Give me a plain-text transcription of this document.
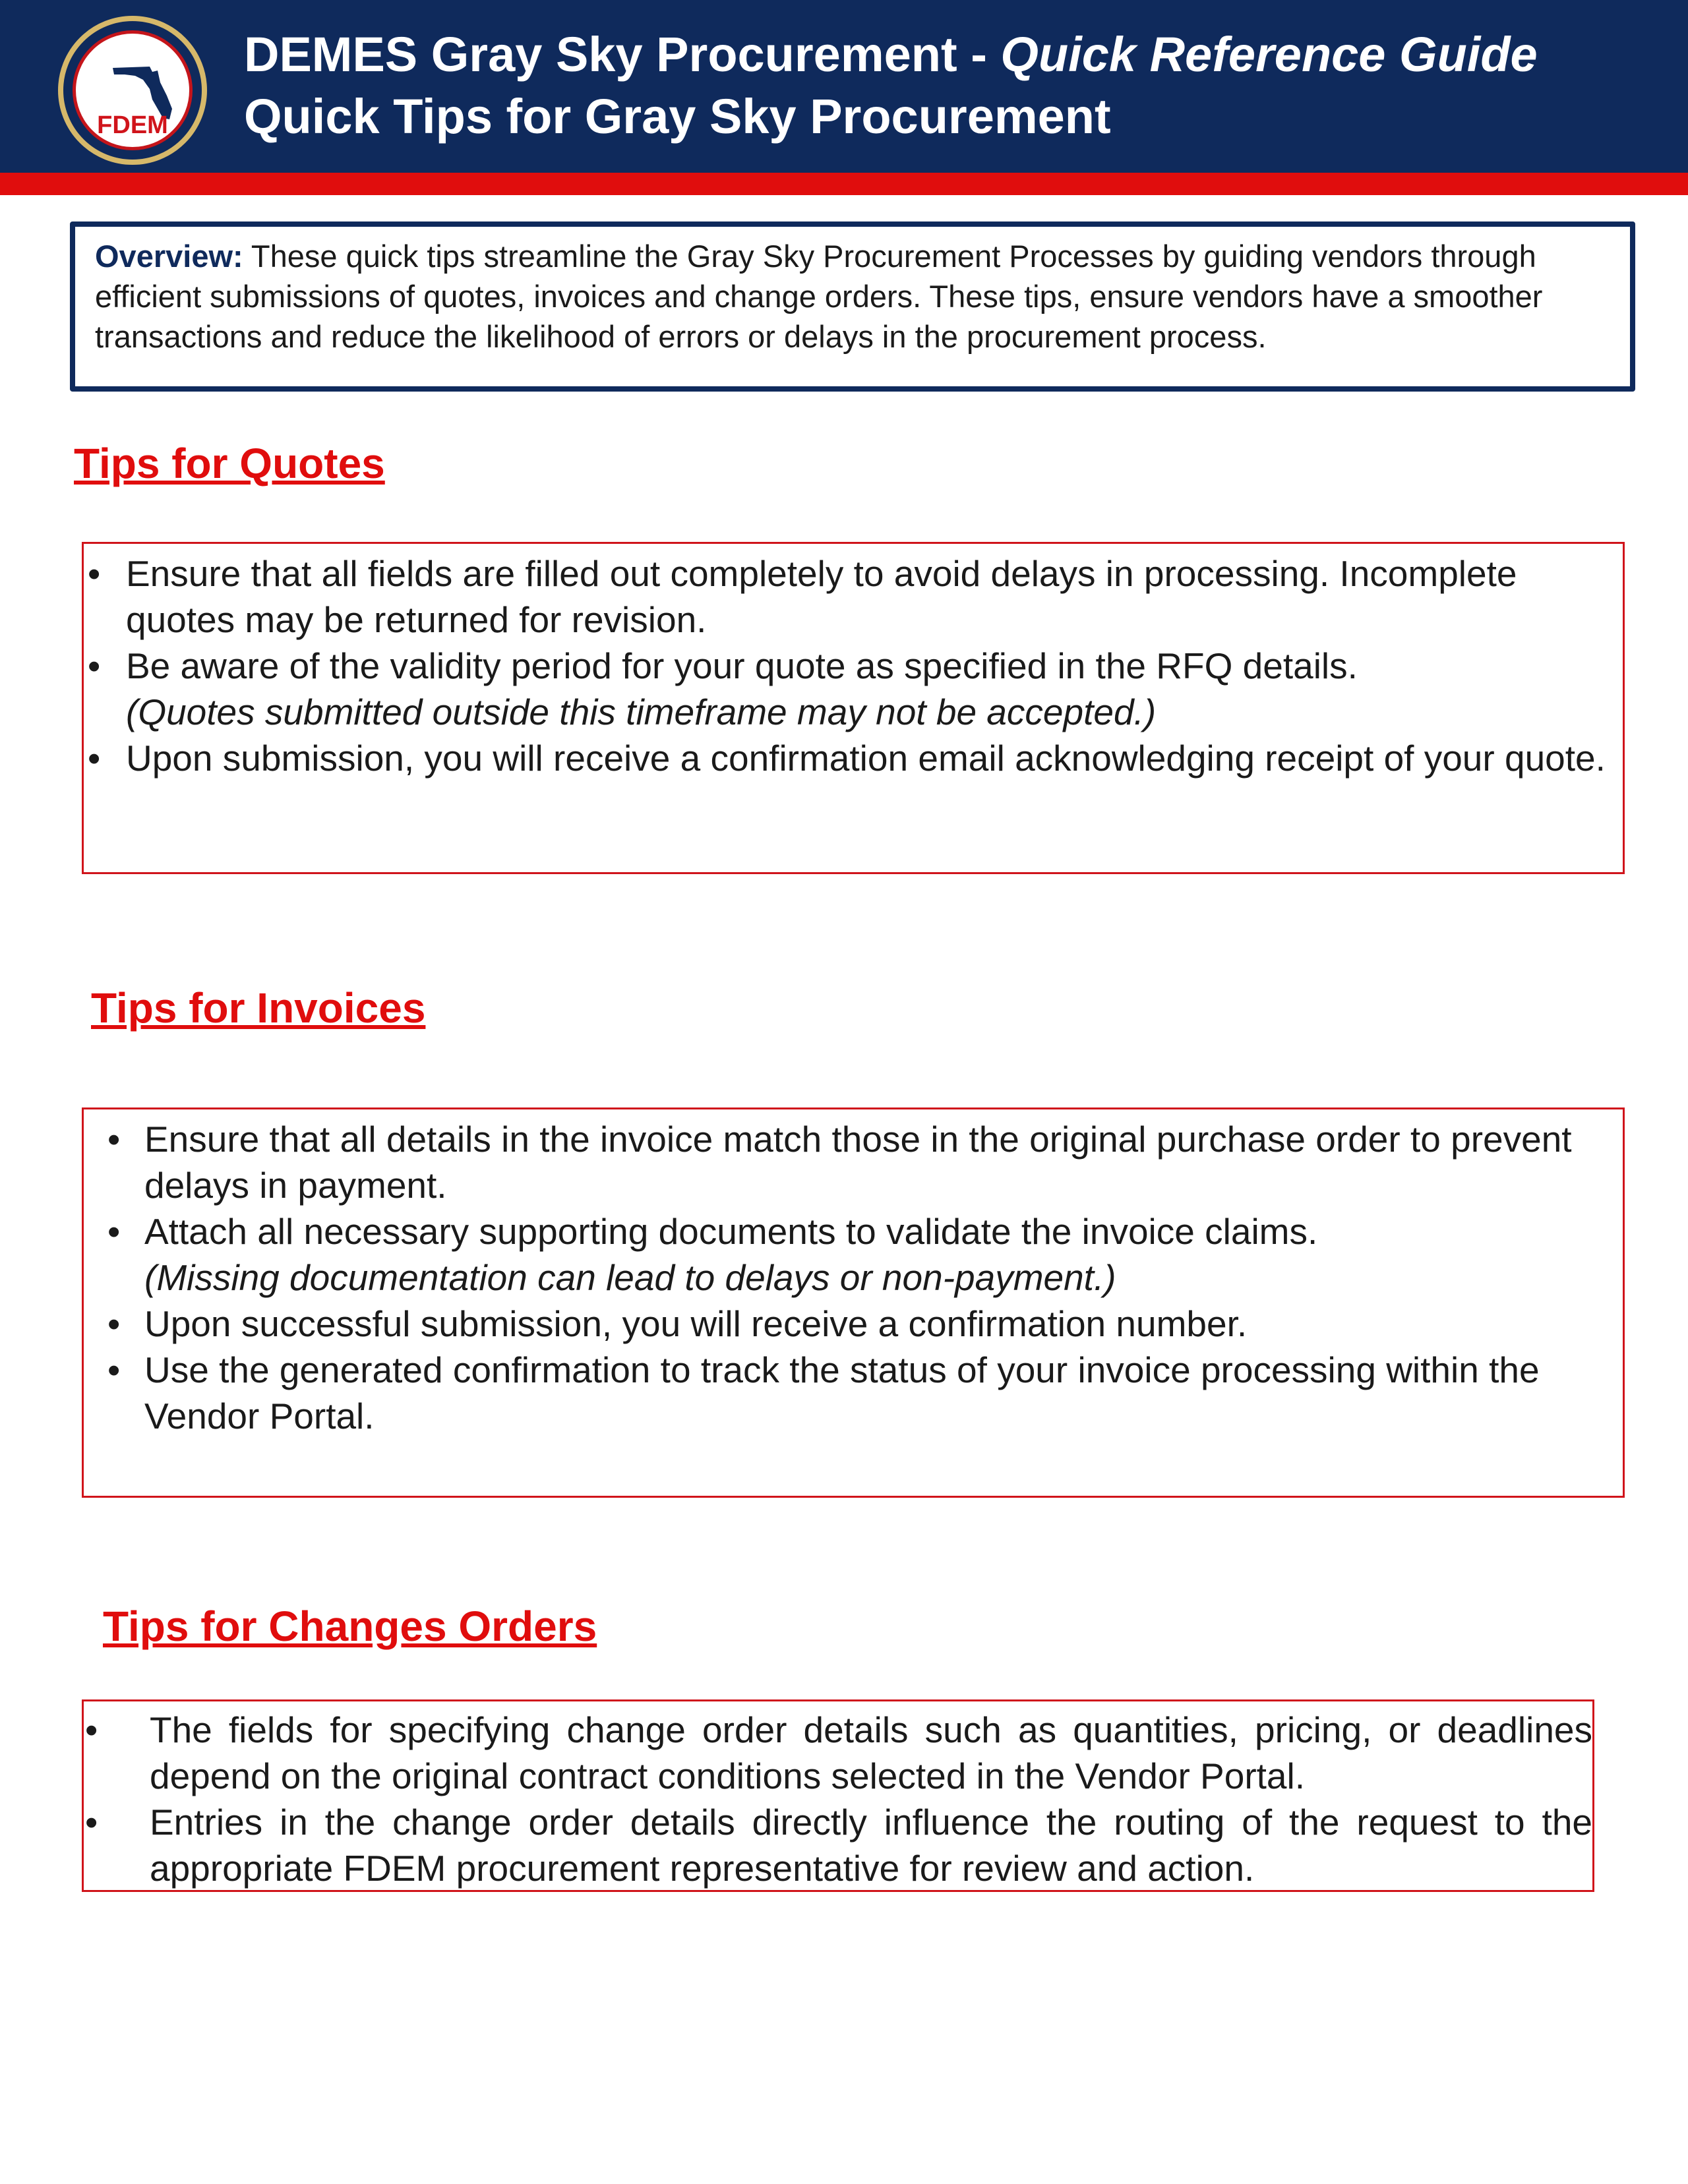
FDEM
DEMES Gray Sky Procurement - Quick Reference Guide
Quick Tips for Gray Sky Procurement
Overview: These quick tips streamline the Gray Sky Procurement Processes by guiding vendors through efficient submissions of quotes, invoices and change orders. These tips, ensure vendors have a smoother transactions and reduce the likelihood of errors or delays in the procurement process.
Tips for Quotes
• Ensure that all fields are filled out completely to avoid delays in processing. Incomplete quotes may be returned for revision.
• Be aware of the validity period for your quote as specified in the RFQ details.
(Quotes submitted outside this timeframe may not be accepted.)
• Upon submission, you will receive a confirmation email acknowledging receipt of your quote.
Tips for Invoices
• Ensure that all details in the invoice match those in the original purchase order to prevent delays in payment.
• Attach all necessary supporting documents to validate the invoice claims.
(Missing documentation can lead to delays or non-payment.)
• Upon successful submission, you will receive a confirmation number.
• Use the generated confirmation to track the status of your invoice processing within the Vendor Portal.
Tips for Changes Orders
• The fields for specifying change order details such as quantities, pricing, or deadlines depend on the original contract conditions selected in the Vendor Portal.
• Entries in the change order details directly influence the routing of the request to the appropriate FDEM procurement representative for review and action.
